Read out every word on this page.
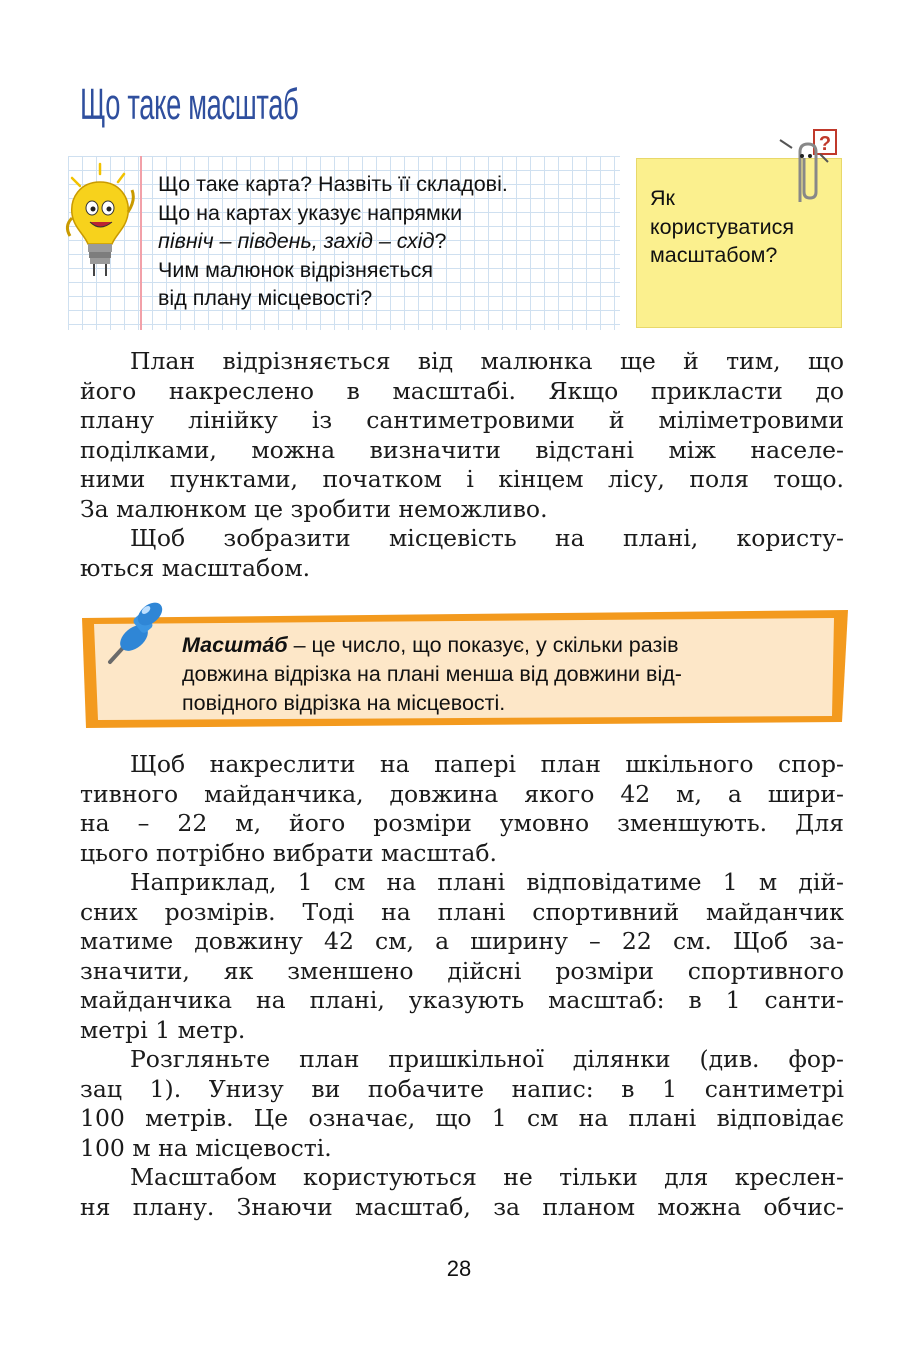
Що таке масштаб
Що таке карта? Назвіть її складові.
Що на картах указує напрямки
північ – південь, захід – схід?
Чим малюнок відрізняється
від плану місцевості?
?
Як
користуватися
масштабом?
План відрізняється від малюнка ще й тим, що
його накреслено в масштабі. Якщо прикласти до
плану лінійку із сантиметровими й міліметровими
поділками, можна визначити відстані між населе-
ними пунктами, початком і кінцем лісу, поля тощо.
За малюнком це зробити неможливо.
Щоб зобразити місцевість на плані, користу-
ються масштабом.
Масшта́б – це число, що показує, у скільки разів
довжина відрізка на плані менша від довжини від-
повідного відрізка на місцевості.
Щоб накреслити на папері план шкільного спор-
тивного майданчика, довжина якого 42 м, а шири-
на – 22 м, його розміри умовно зменшують. Для
цього потрібно вибрати масштаб.
Наприклад, 1 см на плані відповідатиме 1 м дій-
сних розмірів. Тоді на плані спортивний майданчик
матиме довжину 42 см, а ширину – 22 см. Щоб за-
значити, як зменшено дійсні розміри спортивного
майданчика на плані, указують масштаб: в 1 санти-
метрі 1 метр.
Розгляньте план пришкільної ділянки (див. фор-
зац 1). Унизу ви побачите напис: в 1 сантиметрі
100 метрів. Це означає, що 1 см на плані відповідає
100 м на місцевості.
Масштабом користуються не тільки для креслен-
ня плану. Знаючи масштаб, за планом можна обчис-
28
